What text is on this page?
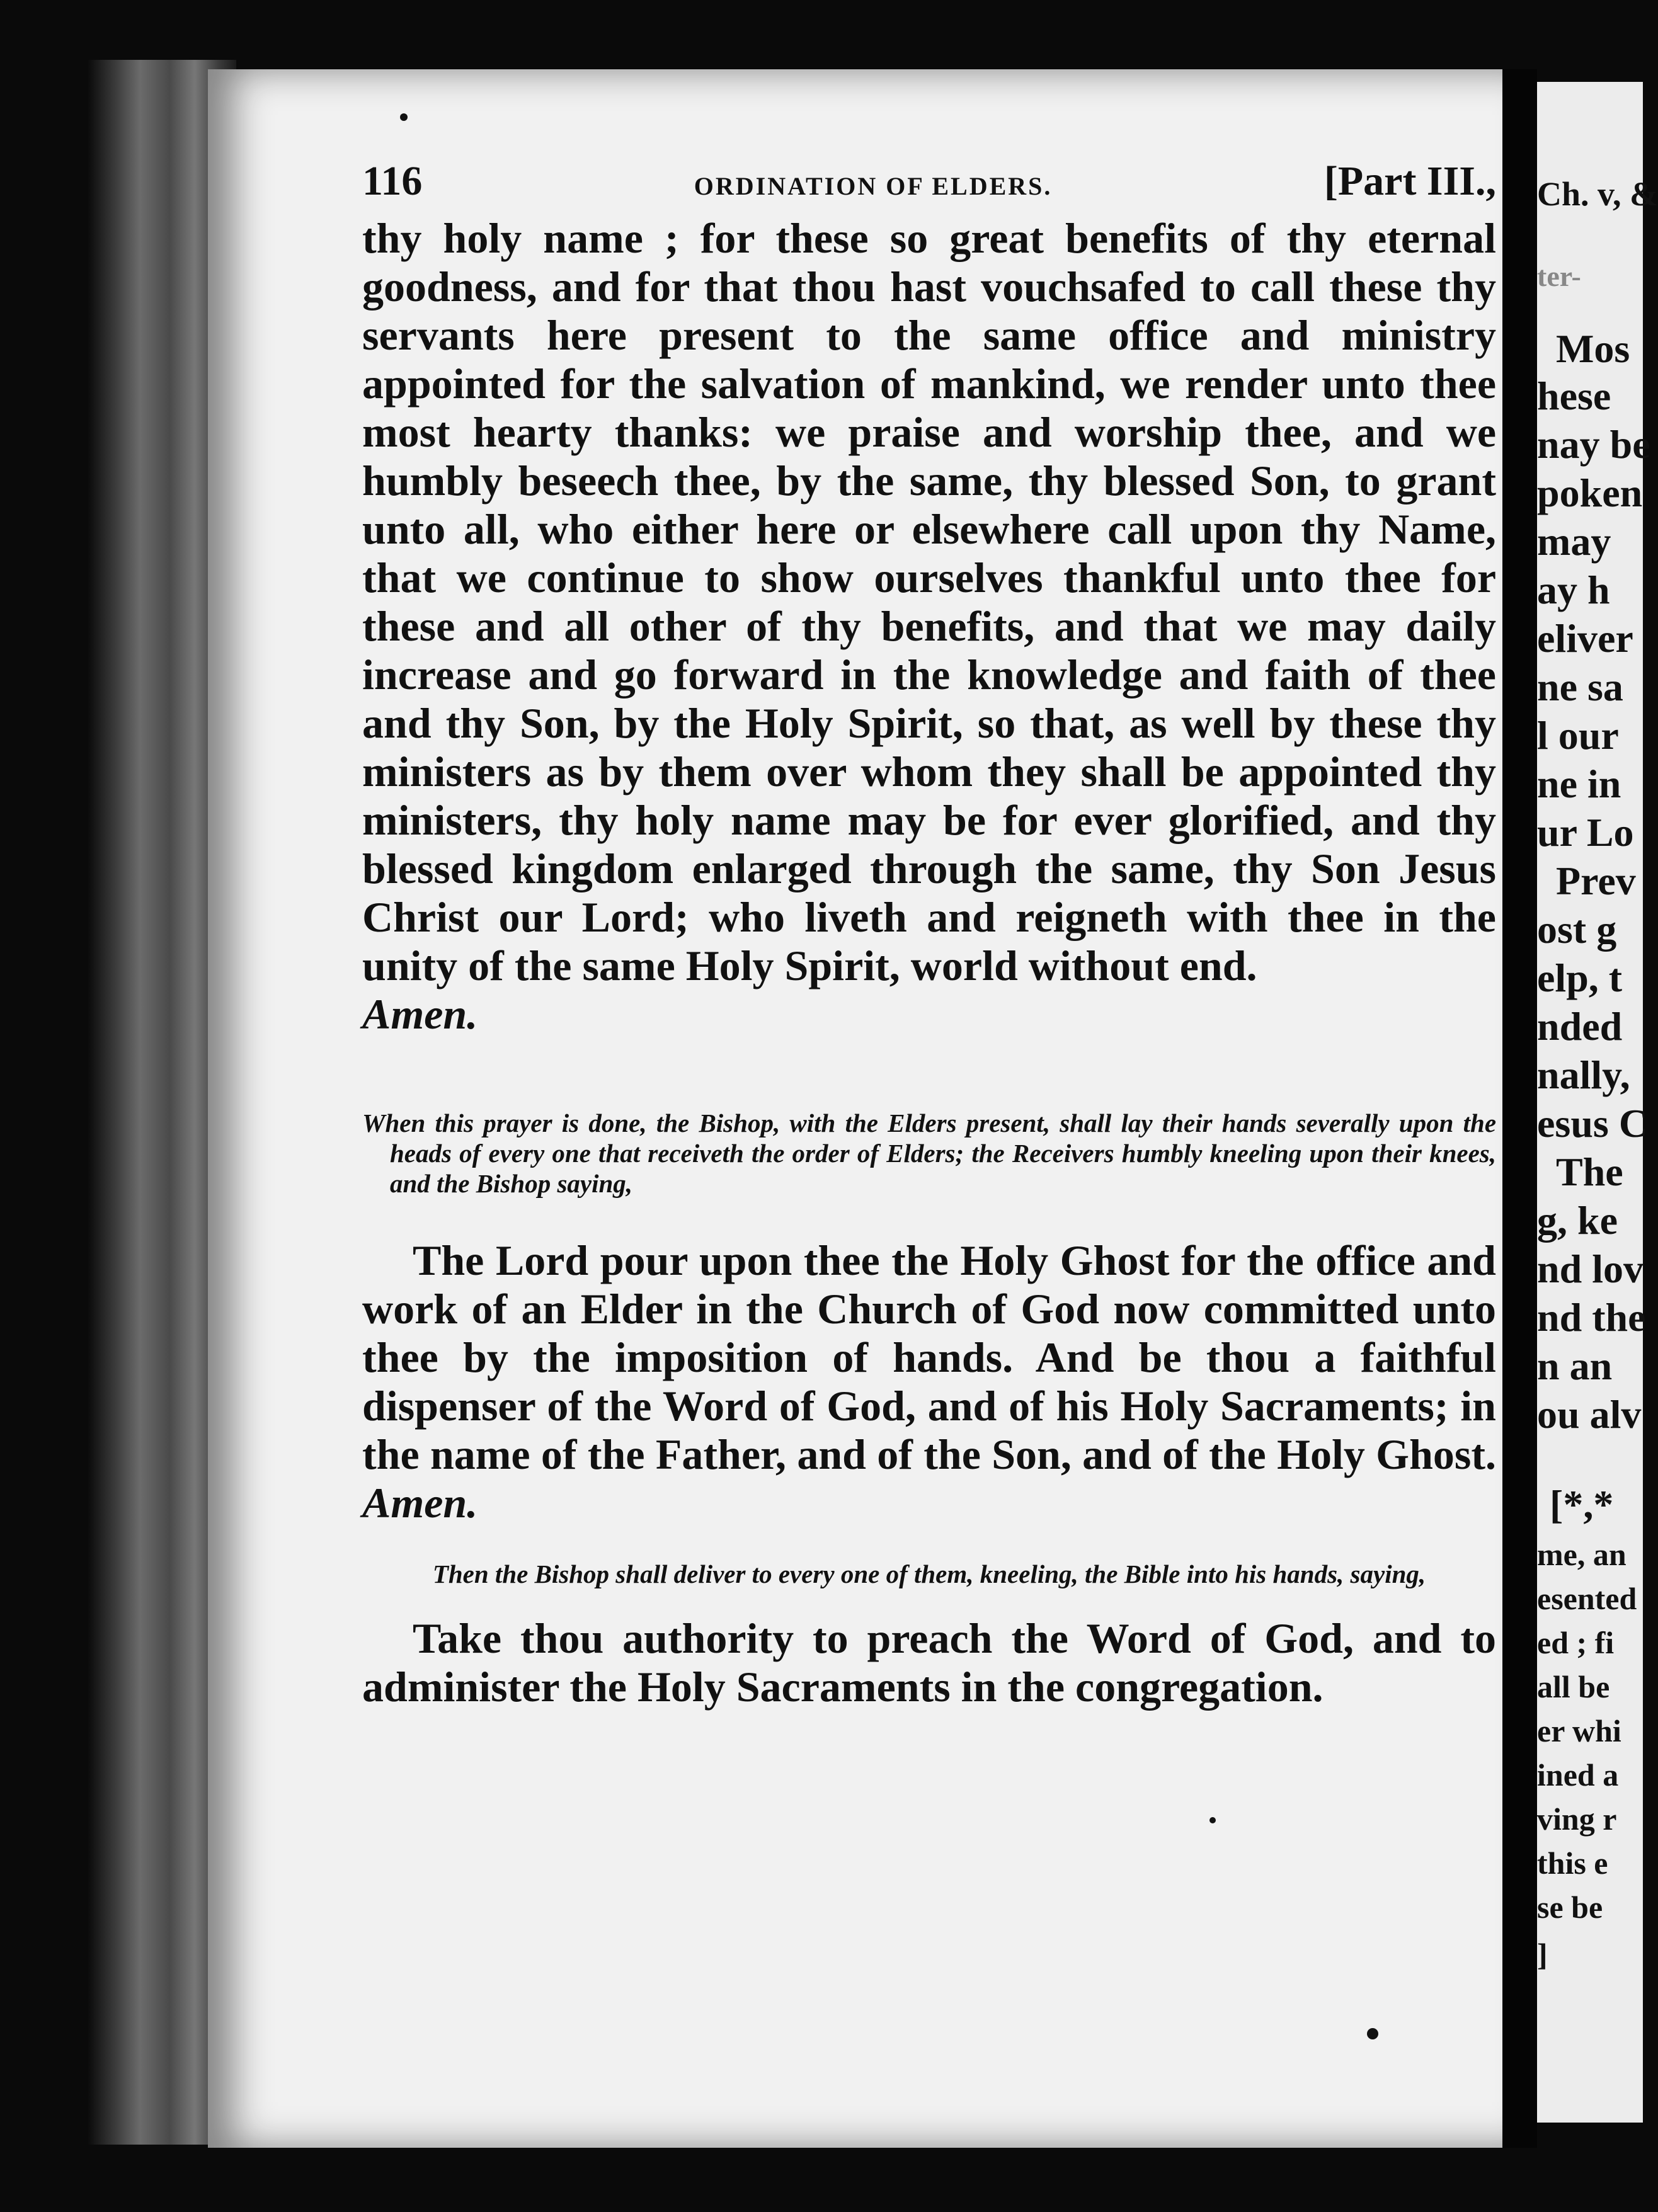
Ch. v, &
ter-
Mos
hese
nay be
poken
may
ay h
eliver
ne sa
l our
ne in
ur Lo
Prev
ost g
elp, t
nded
nally,
esus C
The
g, ke
nd lov
nd the
n an
ou alv
[*,*
me, an
esented
ed ; fi
all be
er whi
ined a
ving r
this e
se be
]
116	ORDINATION OF ELDERS.	[Part III.,

thy holy name ; for these so great benefits of thy eternal goodness, and for that thou hast vouchsafed to call these thy servants here present to the same office and ministry appointed for the salvation of mankind, we render unto thee most hearty thanks: we praise and worship thee, and we humbly beseech thee, by the same, thy blessed Son, to grant unto all, who either here or elsewhere call upon thy Name, that we continue to show ourselves thankful unto thee for these and all other of thy benefits, and that we may daily increase and go forward in the knowledge and faith of thee and thy Son, by the Holy Spirit, so that, as well by these thy ministers as by them over whom they shall be appointed thy ministers, thy holy name may be for ever glorified, and thy blessed kingdom enlarged through the same, thy Son Jesus Christ our Lord; who liveth and reigneth with thee in the unity of the same Holy Spirit, world without end.
Amen.

When this prayer is done, the Bishop, with the Elders present, shall lay their hands severally upon the heads of every one that receiveth the order of Elders; the Receivers humbly kneeling upon their knees, and the Bishop saying,

The Lord pour upon thee the Holy Ghost for the office and work of an Elder in the Church of God now committed unto thee by the imposition of hands. And be thou a faithful dispenser of the Word of God, and of his Holy Sacraments; in the name of the Father, and of the Son, and of the Holy Ghost. Amen.

Then the Bishop shall deliver to every one of them, kneeling, the Bible into his hands, saying,

Take thou authority to preach the Word of God, and to administer the Holy Sacraments in the congregation.
